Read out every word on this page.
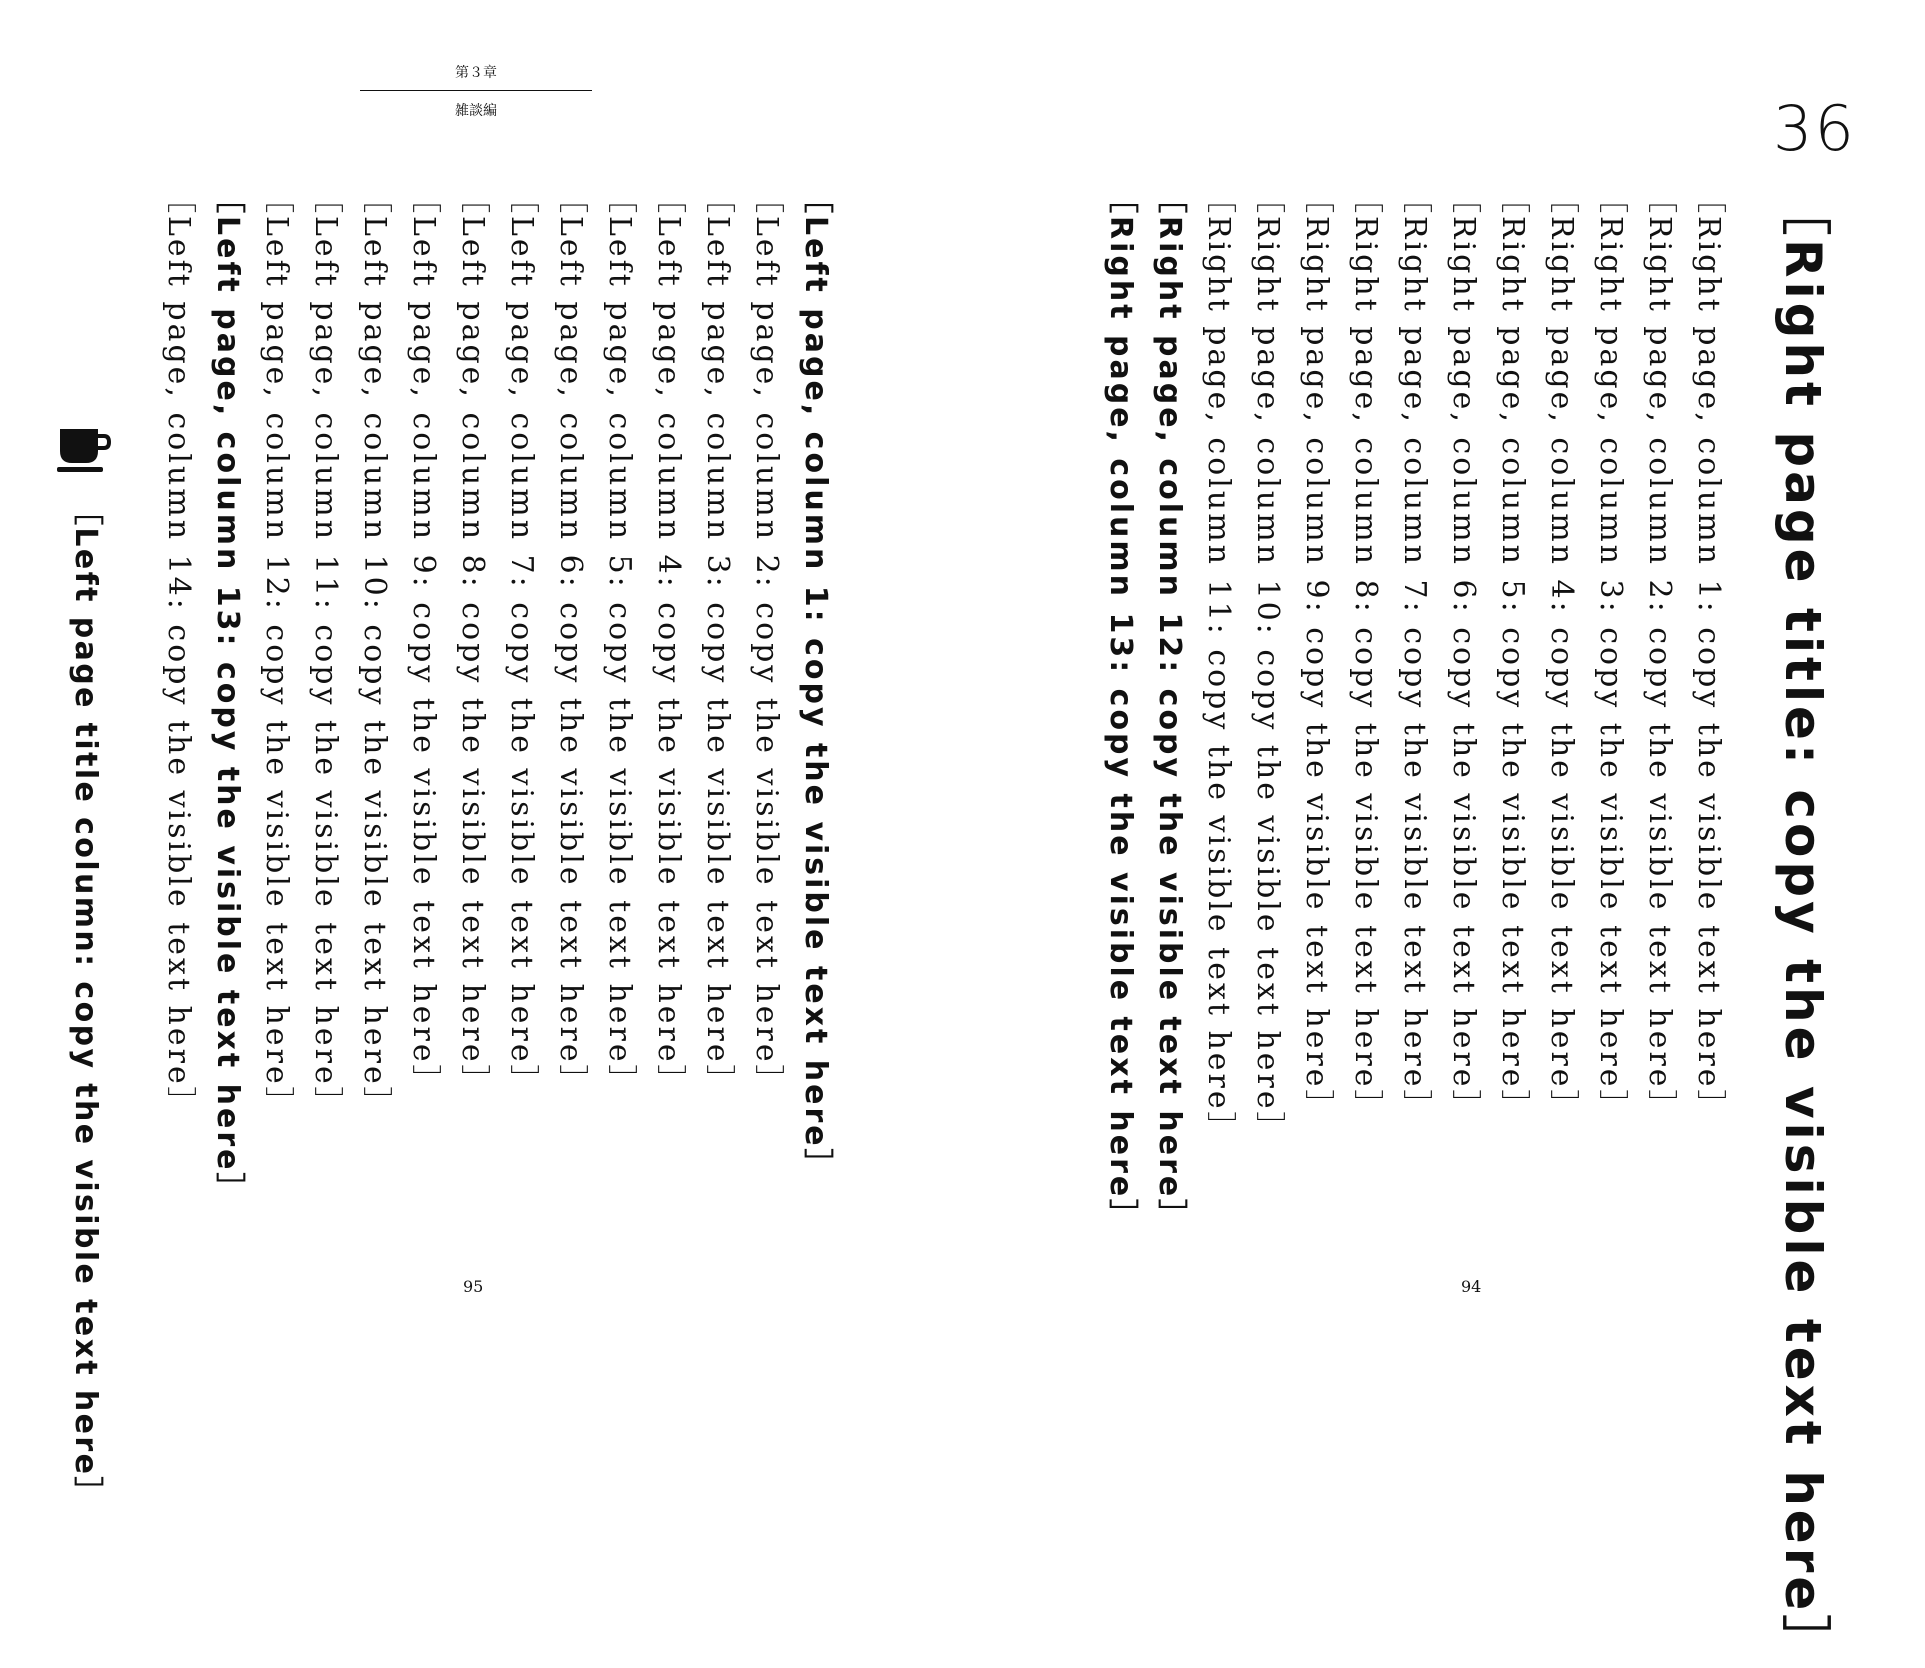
第３章
雑談編
［Left page, column 1: copy the visible text here］
［Left page, column 2: copy the visible text here］
［Left page, column 3: copy the visible text here］
［Left page, column 4: copy the visible text here］
［Left page, column 5: copy the visible text here］
［Left page, column 6: copy the visible text here］
［Left page, column 7: copy the visible text here］
［Left page, column 8: copy the visible text here］
［Left page, column 9: copy the visible text here］
［Left page, column 10: copy the visible text here］
［Left page, column 11: copy the visible text here］
［Left page, column 12: copy the visible text here］
［Left page, column 13: copy the visible text here］
［Left page, column 14: copy the visible text here］
［Left page title column: copy the visible text here］	95
36
［Right page title: copy the visible text here］
［Right page, column 1: copy the visible text here］
［Right page, column 2: copy the visible text here］
［Right page, column 3: copy the visible text here］
［Right page, column 4: copy the visible text here］
［Right page, column 5: copy the visible text here］
［Right page, column 6: copy the visible text here］
［Right page, column 7: copy the visible text here］
［Right page, column 8: copy the visible text here］
［Right page, column 9: copy the visible text here］
［Right page, column 10: copy the visible text here］
［Right page, column 11: copy the visible text here］
［Right page, column 12: copy the visible text here］
［Right page, column 13: copy the visible text here］
94
